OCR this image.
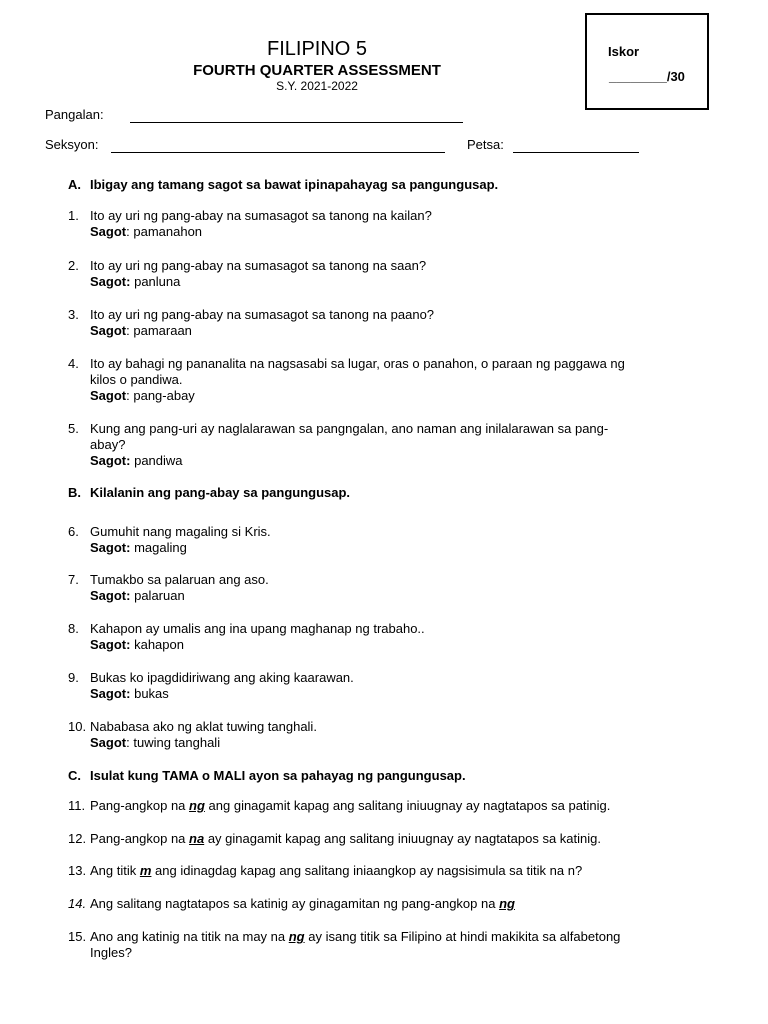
Iskor
________/30
FILIPINO 5
FOURTH QUARTER ASSESSMENT
S.Y. 2021-2022
Pangalan:
Seksyon:	Petsa:
A. Ibigay ang tamang sagot sa bawat ipinapahayag sa pangungusap.
1. Ito ay uri ng pang-abay na sumasagot sa tanong na kailan?
Sagot: pamanahon
2. Ito ay uri ng pang-abay na sumasagot sa tanong na saan?
Sagot: panluna
3. Ito ay uri ng pang-abay na sumasagot sa tanong na paano?
Sagot: pamaraan
4. Ito ay bahagi ng pananalita na nagsasabi sa lugar, oras o panahon, o paraan ng paggawa ng
kilos o pandiwa.
Sagot: pang-abay
5. Kung ang pang-uri ay naglalarawan sa pangngalan, ano naman ang inilalarawan sa pang-
abay?
Sagot: pandiwa
B. Kilalanin ang pang-abay sa pangungusap.
6. Gumuhit nang magaling si Kris.
Sagot: magaling
7. Tumakbo sa palaruan ang aso.
Sagot: palaruan
8. Kahapon ay umalis ang ina upang maghanap ng trabaho..
Sagot: kahapon
9. Bukas ko ipagdidiriwang ang aking kaarawan.
Sagot: bukas
10. Nababasa ako ng aklat tuwing tanghali.
Sagot: tuwing tanghali
C. Isulat kung TAMA o MALI ayon sa pahayag ng pangungusap.
11. Pang-angkop na ng ang ginagamit kapag ang salitang iniuugnay ay nagtatapos sa patinig.
12. Pang-angkop na na ay ginagamit kapag ang salitang iniuugnay ay nagtatapos sa katinig.
13. Ang titik m ang idinagdag kapag ang salitang iniaangkop ay nagsisimula sa titik na n?
14. Ang salitang nagtatapos sa katinig ay ginagamitan ng pang-angkop na ng
15. Ano ang katinig na titik na may na ng ay isang titik sa Filipino at hindi makikita sa alfabetong
Ingles?
